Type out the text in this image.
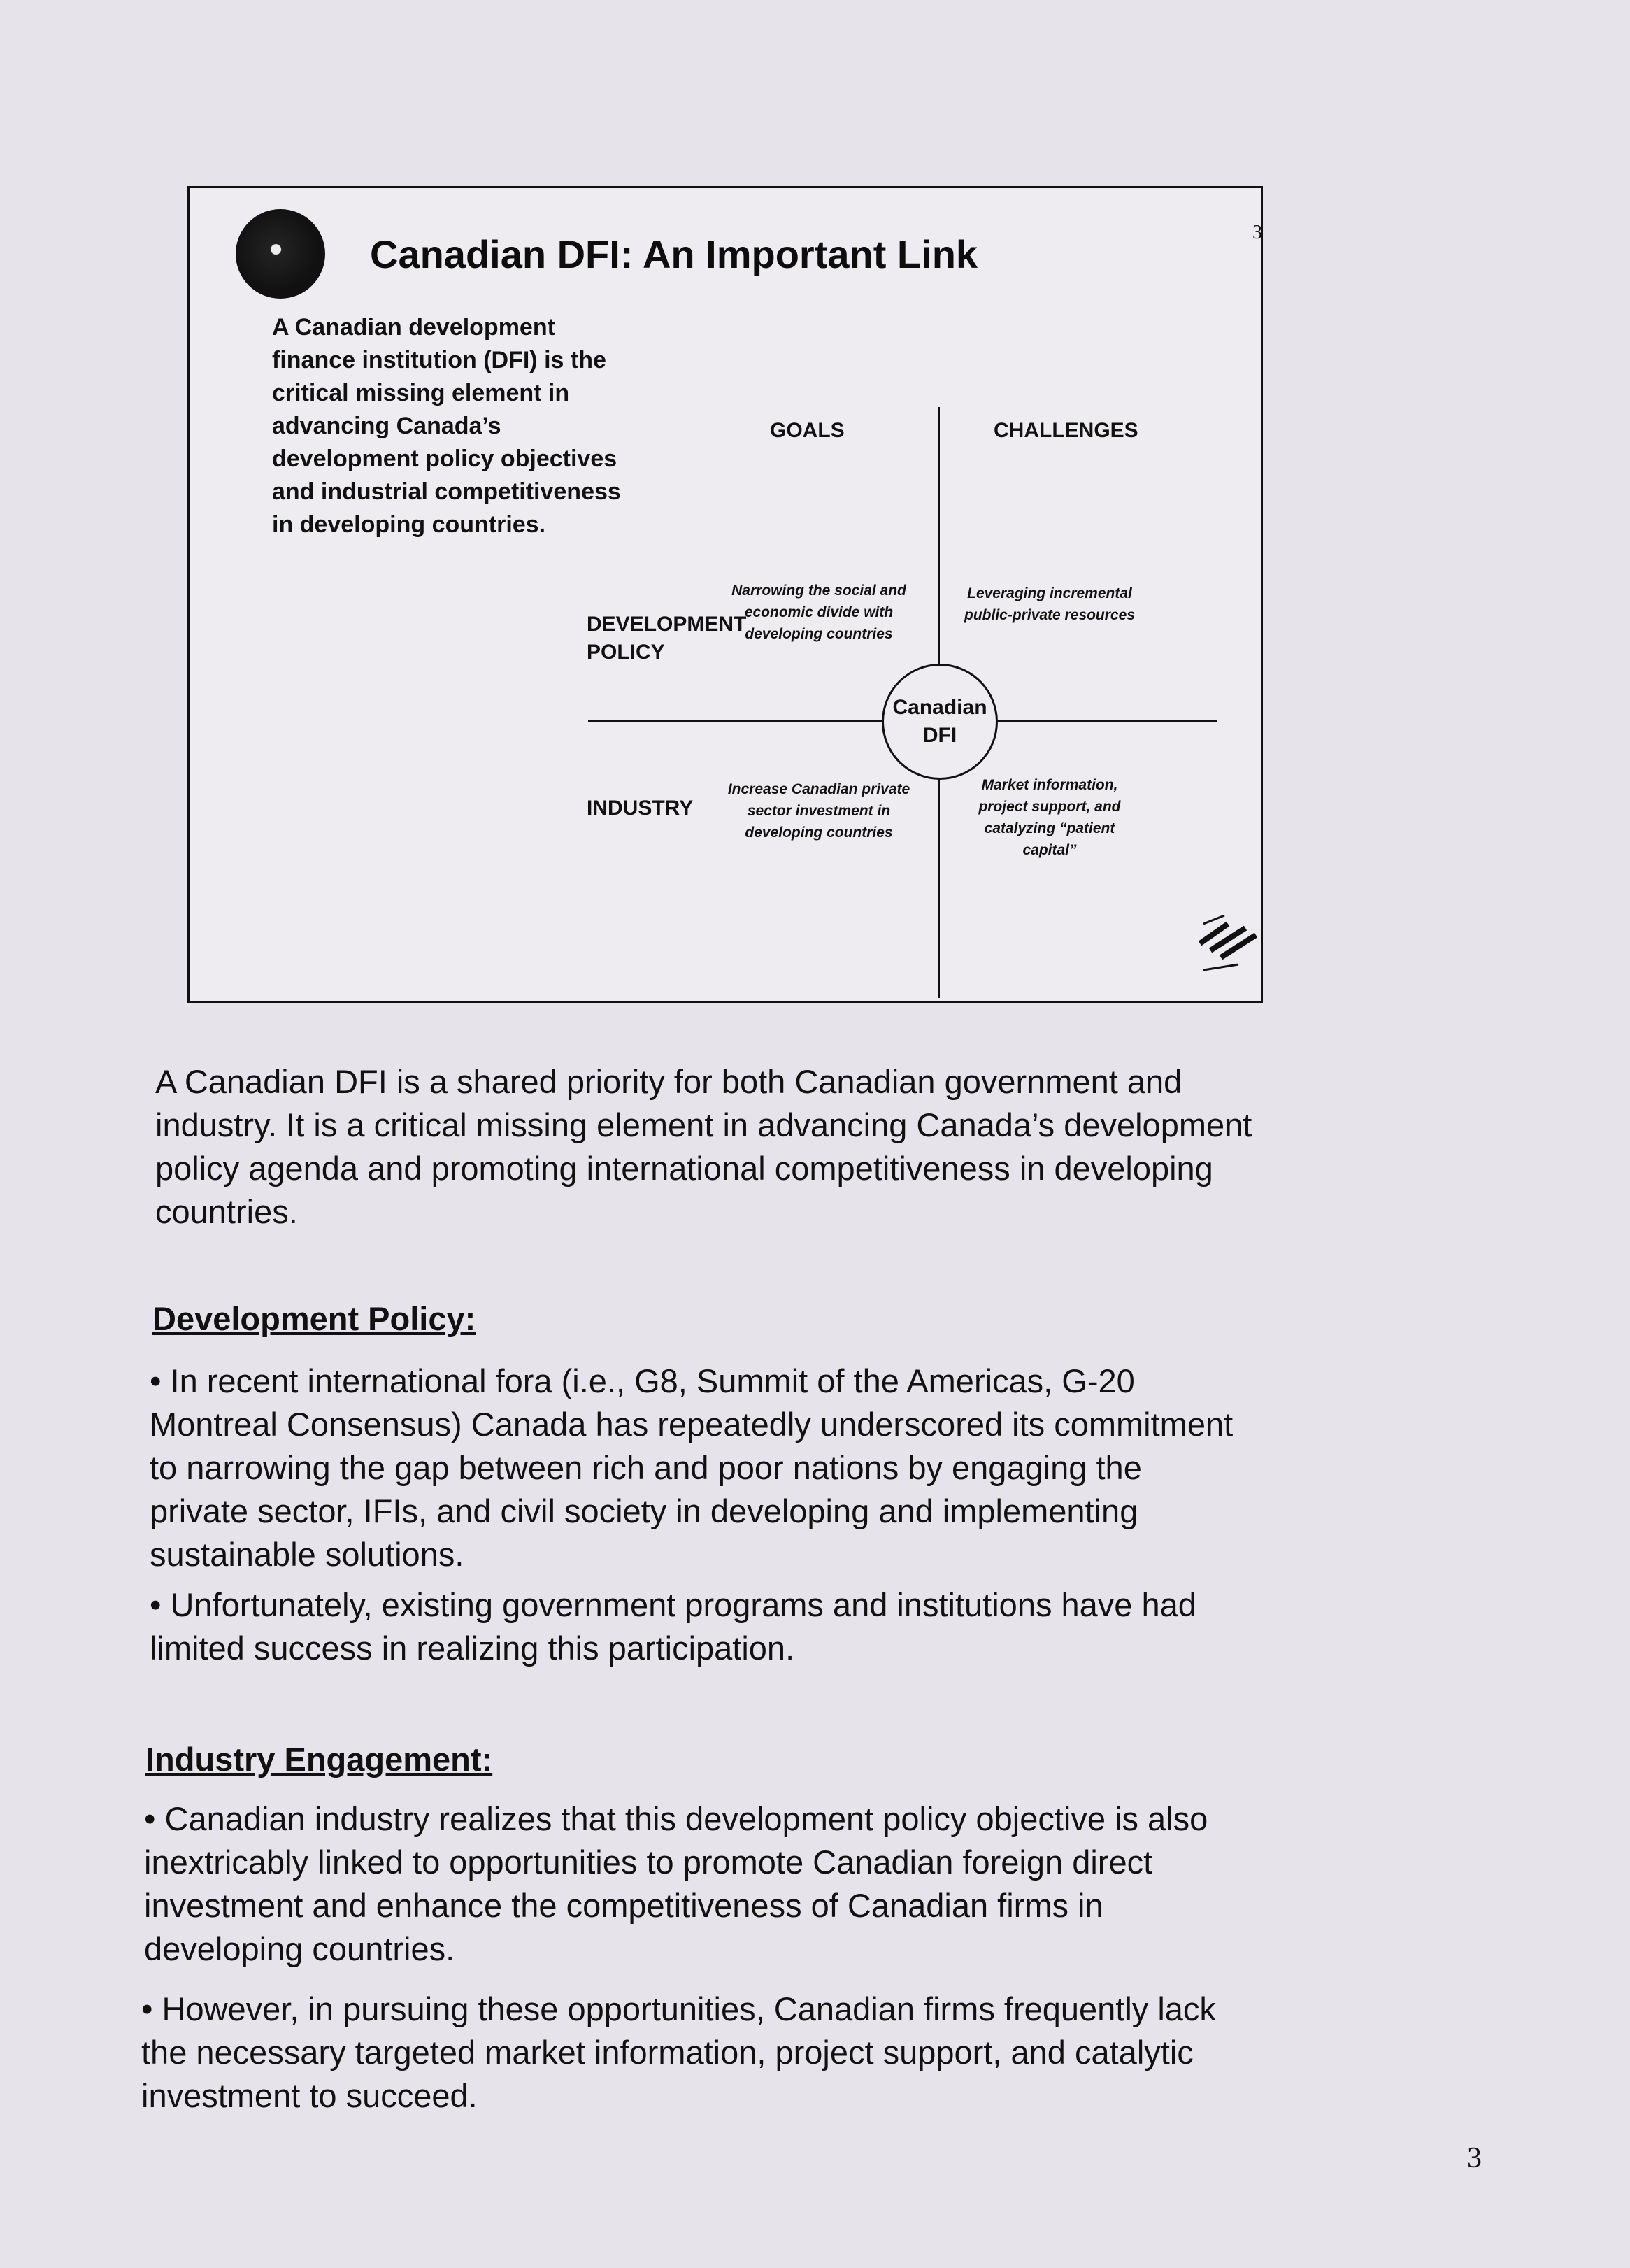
3
Canadian DFI: An Important Link
A Canadian development finance institution (DFI) is the critical missing element in advancing Canada’s development policy objectives and industrial competitiveness in developing countries.
GOALS	CHALLENGES
DEVELOPMENT
POLICY
INDUSTRY
Narrowing the social and economic divide with developing countries
Leveraging incremental public-private resources
Increase Canadian private sector investment in developing countries
Market information, project support, and catalyzing “patient capital”
Canadian
DFI
A Canadian DFI is a shared priority for both Canadian government and industry. It is a critical missing element in advancing Canada’s development policy agenda and promoting international competitiveness in developing countries.
Development Policy:
• In recent international fora (i.e., G8, Summit of the Americas, G-20 Montreal Consensus) Canada has repeatedly underscored its commitment to narrowing the gap between rich and poor nations by engaging the private sector, IFIs, and civil society in developing and implementing sustainable solutions.
• Unfortunately, existing government programs and institutions have had limited success in realizing this participation.
Industry Engagement:
• Canadian industry realizes that this development policy objective is also inextricably linked to opportunities to promote Canadian foreign direct investment and enhance the competitiveness of Canadian firms in developing countries.
• However, in pursuing these opportunities, Canadian firms frequently lack the necessary targeted market information, project support, and catalytic investment to succeed.
3
